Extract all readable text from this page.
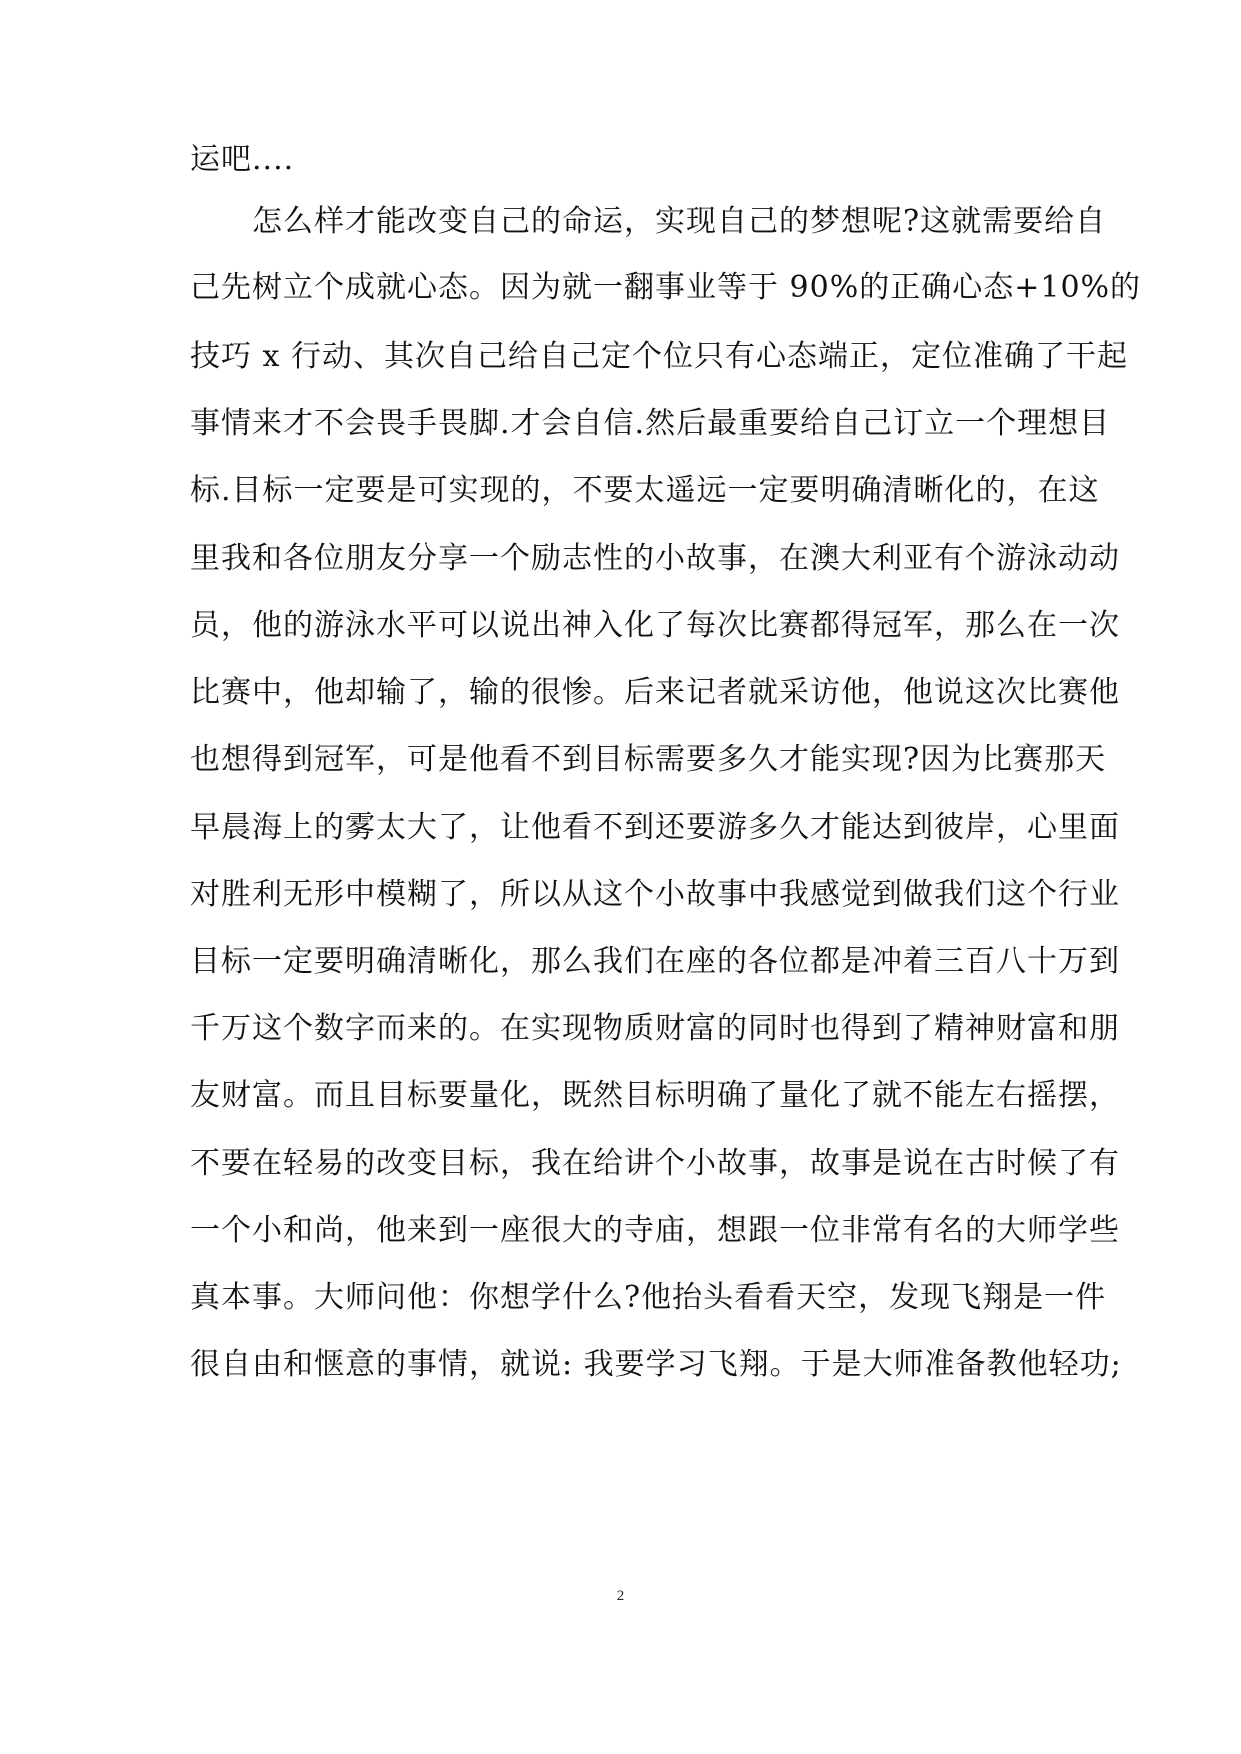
运吧....
　　怎么样才能改变自己的命运，实现自己的梦想呢?这就需要给自
己先树立个成就心态。因为就一翻事业等于 90%的正确心态+10%的
技巧 x 行动、其次自己给自己定个位只有心态端正，定位准确了干起
事情来才不会畏手畏脚.才会自信.然后最重要给自己订立一个理想目
标.目标一定要是可实现的，不要太遥远一定要明确清晰化的，在这
里我和各位朋友分享一个励志性的小故事，在澳大利亚有个游泳动动
员，他的游泳水平可以说出神入化了每次比赛都得冠军，那么在一次
比赛中，他却输了，输的很惨。后来记者就采访他，他说这次比赛他
也想得到冠军，可是他看不到目标需要多久才能实现?因为比赛那天
早晨海上的雾太大了，让他看不到还要游多久才能达到彼岸，心里面
对胜利无形中模糊了，所以从这个小故事中我感觉到做我们这个行业
目标一定要明确清晰化，那么我们在座的各位都是冲着三百八十万到
千万这个数字而来的。在实现物质财富的同时也得到了精神财富和朋
友财富。而且目标要量化，既然目标明确了量化了就不能左右摇摆，
不要在轻易的改变目标，我在给讲个小故事，故事是说在古时候了有
一个小和尚，他来到一座很大的寺庙，想跟一位非常有名的大师学些
真本事。大师问他：你想学什么?他抬头看看天空，发现飞翔是一件
很自由和惬意的事情，就说: 我要学习飞翔。于是大师准备教他轻功;
2
